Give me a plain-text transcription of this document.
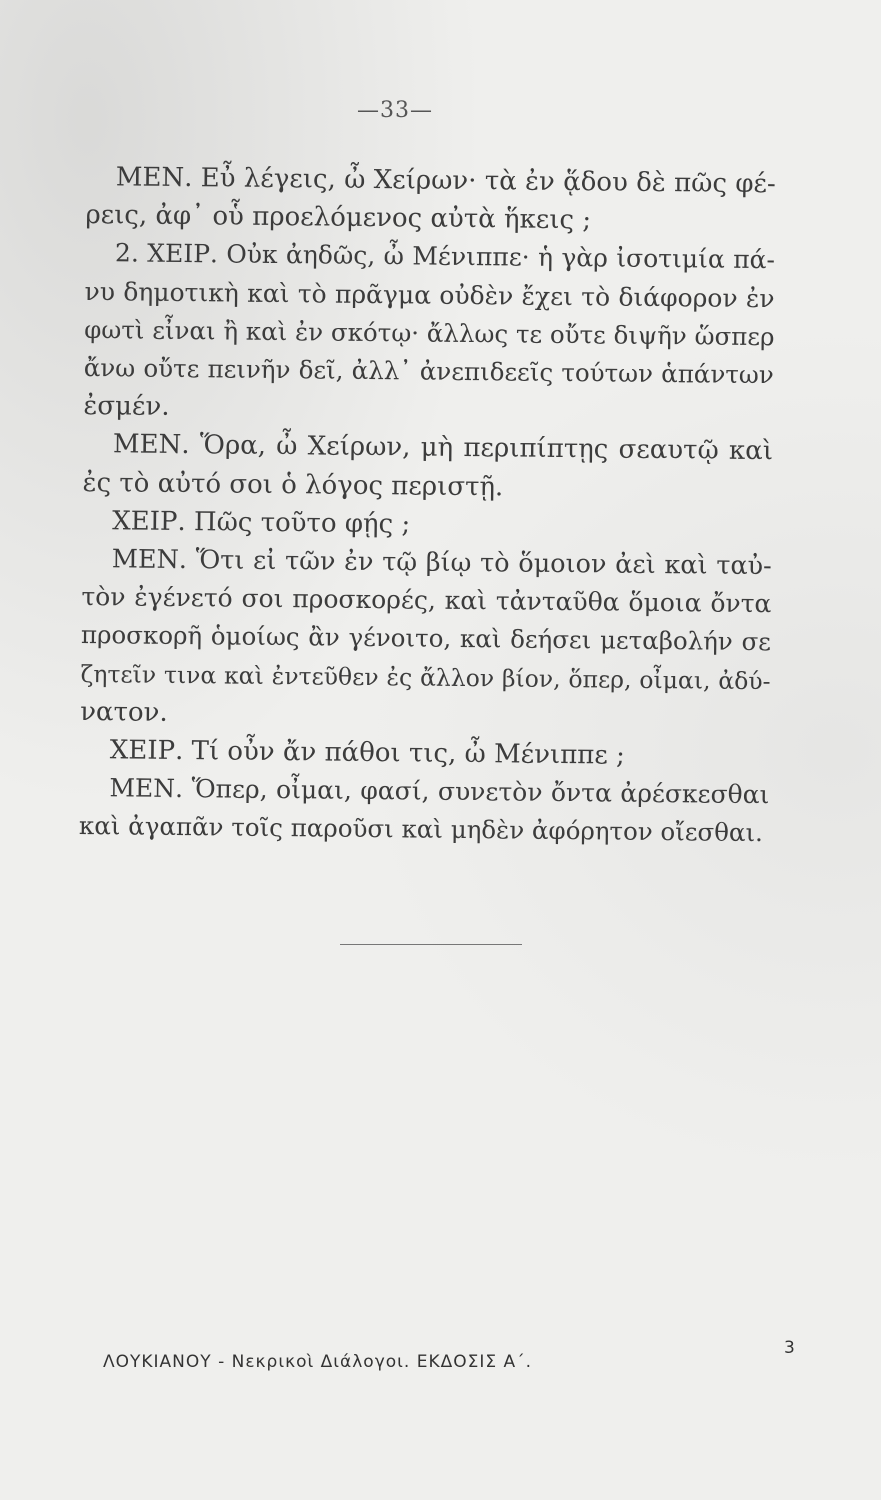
—33—
ΜΕΝ. Εὖ λέγεις, ὦ Χείρων· τὰ ἐν ᾅδου δὲ πῶς φέ-
ρεις, ἀφ᾽ οὗ προελόμενος αὐτὰ ἥκεις ;
2. ΧΕΙΡ. Οὐκ ἀηδῶς, ὦ Μένιππε· ἡ γὰρ ἰσοτιμία πά-
νυ δημοτικὴ καὶ τὸ πρᾶγμα οὐδὲν ἔχει τὸ διάφορον ἐν
φωτὶ εἶναι ἢ καὶ ἐν σκότῳ· ἄλλως τε οὔτε διψῆν ὥσπερ
ἄνω οὔτε πεινῆν δεῖ, ἀλλ᾽ ἀνεπιδεεῖς τούτων ἁπάντων
ἐσμέν.
ΜΕΝ. Ὅρα, ὦ Χείρων, μὴ περιπίπτῃς σεαυτῷ καὶ
ἐς τὸ αὐτό σοι ὁ λόγος περιστῇ.
ΧΕΙΡ. Πῶς τοῦτο φῄς ;
ΜΕΝ. Ὅτι εἰ τῶν ἐν τῷ βίῳ τὸ ὅμοιον ἀεὶ καὶ ταὐ-
τὸν ἐγένετό σοι προσκορές, καὶ τἀνταῦθα ὅμοια ὄντα
προσκορῆ ὁμοίως ἂν γένοιτο, καὶ δεήσει μεταβολήν σε
ζητεῖν τινα καὶ ἐντεῦθεν ἐς ἄλλον βίον, ὅπερ, οἶμαι, ἀδύ-
νατον.
ΧΕΙΡ. Τί οὖν ἄν πάθοι τις, ὦ Μένιππε ;
ΜΕΝ. Ὅπερ, οἶμαι, φασί, συνετὸν ὄντα ἀρέσκεσθαι
καὶ ἀγαπᾶν τοῖς παροῦσι καὶ μηδὲν ἀφόρητον οἴεσθαι.
ΛΟΥΚΙΑΝΟΥ - Νεκρικοὶ Διάλογοι. ΕΚΔΟΣΙΣ Α΄.
3
